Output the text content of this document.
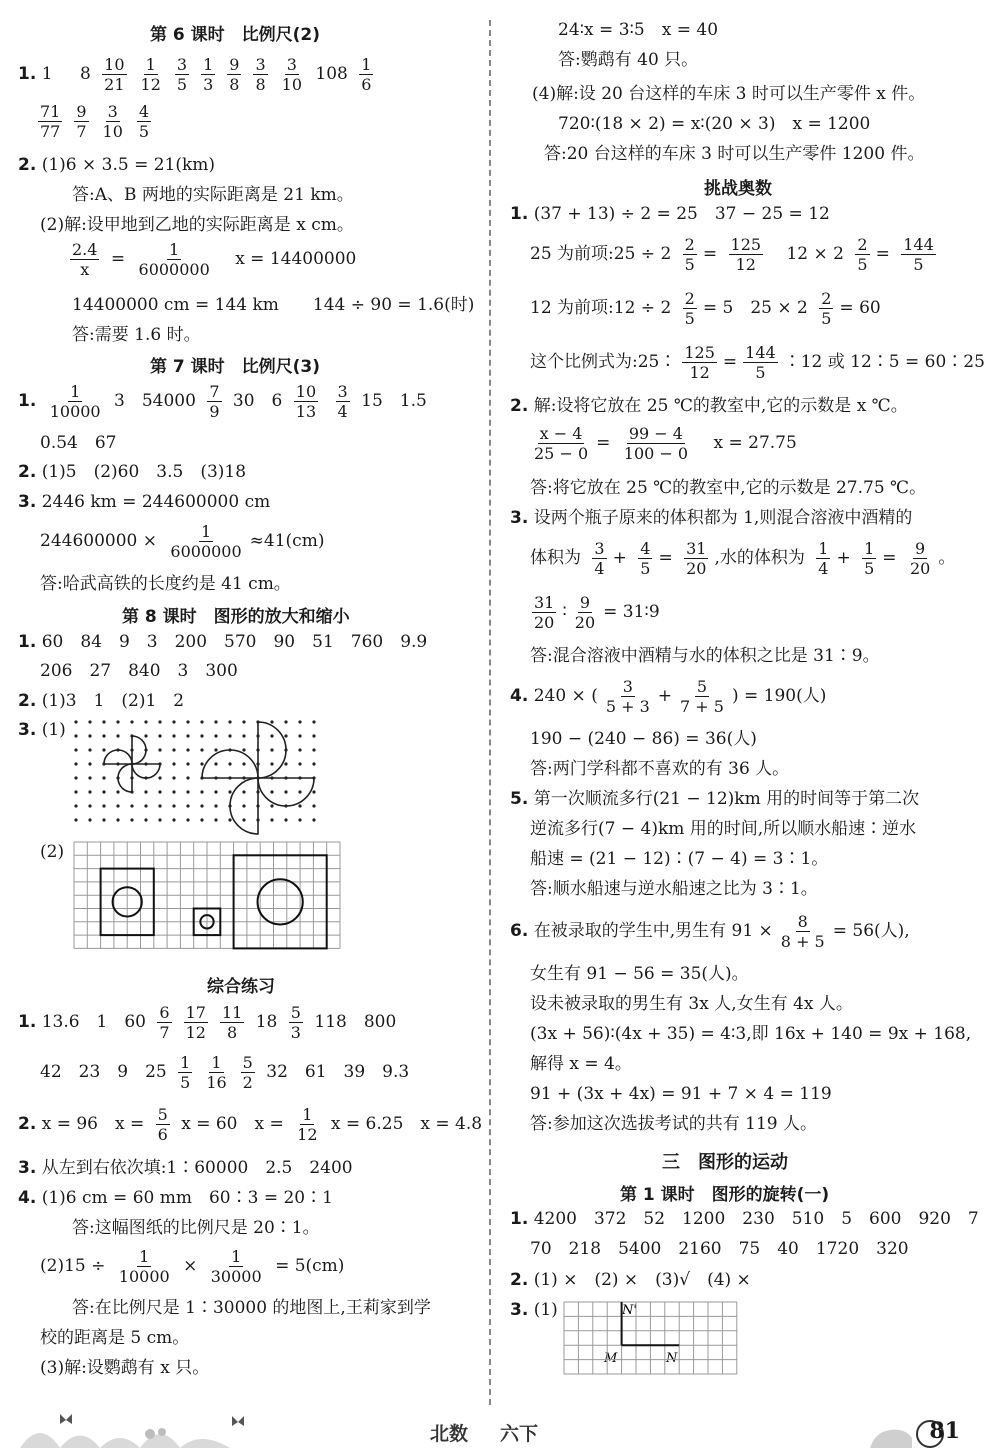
第 6 课时　比例尺(2)
1. 1 $8 \frac{10}{21} \frac{1}{12} \frac{3}{5} \frac{1}{3} \frac{9}{8} \frac{3}{8} \frac{3}{10} 108 \frac{1}{6}$
$\frac{71}{77} \frac{9}{7} \frac{3}{10} \frac{4}{5}$
2. (1)6 × 3.5 = 21(km)
答:A、B 两地的实际距离是 21 km。
(2)解:设甲地到乙地的实际距离是 x cm。
$\frac{2.4}{x} = \frac{1}{6000000}$ x = 14400000
14400000 cm = 144 km　　144 ÷ 90 = 1.6(时)
答:需要 1.6 时。
第 7 课时　比例尺(3)
1. $\frac{1}{10000} 3$　$54000 \frac{7}{9} 30$　$6 \frac{10}{13}$
$\frac{3}{4} 15$　1.5
0.54　67
2. (1)5　(2)60　3.5　(3)18
3. 2446 km = 244600000 cm
$244600000 \times \frac{1}{6000000} \approx 41(cm)$
答:哈武高铁的长度约是 41 cm。
第 8 课时　图形的放大和缩小
1. 60　84　9　3　200　570　90　51　760　9.9
206　27　840　3　300
2. (1)3　1　(2)1　2
3. (1)
(2)
综合练习
1. 13.6　1　$60 \frac{6}{7} \frac{17}{12} \frac{11}{8} 18 \frac{5}{3} 118$　800
42　23　9　$25 \frac{1}{5} \frac{1}{16} \frac{5}{2} 32$　61　39　9.3
2. x = 96　$x = \frac{5}{6}$ x = 60　$x = \frac{1}{12}$ x = 6.25　x = 4.8
3. 从左到右依次填:1∶60000　2.5　2400
4. (1)6 cm = 60 mm　60∶3 = 20∶1
答:这幅图纸的比例尺是 20∶1。
$(2)15 \div \frac{1}{10000} \times \frac{1}{30000} = 5(cm)$
答:在比例尺是 1∶30000 的地图上,王莉家到学
校的距离是 5 cm。
(3)解:设鹦鹉有 x 只。
24∶x = 3∶5　x = 40
答:鹦鹉有 40 只。
(4)解:设 20 台这样的车床 3 时可以生产零件 x 件。
720∶(18 × 2) = x∶(20 × 3)　x = 1200
答:20 台这样的车床 3 时可以生产零件 1200 件。
挑战奥数
1. (37 + 13) ÷ 2 = 25　37 − 25 = 12
25 为前项:25 ÷ $2 \frac{2}{5} = \frac{125}{12} 12 \times 2 \frac{2}{5} = \frac{144}{5}$
12 为前项:12 ÷ $2 \frac{2}{5} = 5$　$25 \times 2 \frac{2}{5} = 60$
这个比例式为:25∶ $\frac{125}{12} = \frac{144}{5}$ ∶12 或 12∶5 = 60∶25
2. 解:设将它放在 25 ℃的教室中,它的示数是 x ℃。
$\frac{x - 4}{25 - 0} = \frac{99 - 4}{100 - 0}$ x = 27.75
答:将它放在 25 ℃的教室中,它的示数是 27.75 ℃。
3. 设两个瓶子原来的体积都为 1,则混合溶液中酒精的
体积为 $\frac{3}{4} + \frac{4}{5} = \frac{31}{20}$ ,水的体积为 $\frac{1}{4} + \frac{1}{5} = \frac{9}{20}$ 。
$\frac{31}{20}$ ∶ $\frac{9}{20}$ = 31∶9
答:混合溶液中酒精与水的体积之比是 31∶9。
4. 240 × ( $\frac{3}{5 + 3} + \frac{5}{7 + 5}$ ) = 190(人)
190 − (240 − 86) = 36(人)
答:两门学科都不喜欢的有 36 人。
5. 第一次顺流多行(21 − 12)km 用的时间等于第二次
逆流多行(7 − 4)km 用的时间,所以顺水船速∶逆水
船速 = (21 − 12)∶(7 − 4) = 3∶1。
答:顺水船速与逆水船速之比为 3∶1。
6. 在被录取的学生中,男生有 $91 \times \frac{8}{8 + 5} = 56$(人),
女生有 91 − 56 = 35(人)。
设未被录取的男生有 3x 人,女生有 4x 人。
(3x + 56)∶(4x + 35) = 4∶3,即 16x + 140 = 9x + 168,
解得 x = 4。
91 + (3x + 4x) = 91 + 7 × 4 = 119
答:参加这次选拔考试的共有 119 人。
三　图形的运动
第 1 课时　图形的旋转(一)
1. 4200　372　52　1200　230　510　5　600　920　7
70　218　5400　2160　75　40　1720　320
2. (1) ×　(2) ×　(3)√　(4) ×
3. (1)	N'
M	N
北数 六下	81
